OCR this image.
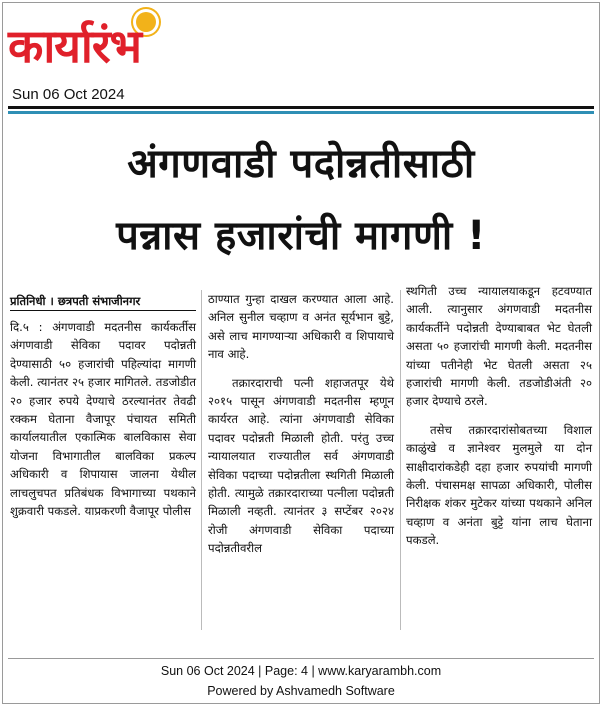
कार्यारंभ
Sun 06 Oct 2024
अंगणवाडी पदोन्नतीसाठी
पन्नास हजारांची मागणी !
प्रतिनिधी । छत्रपती संभाजीनगर

दि.५ : अंगणवाडी मदतनीस कार्यकर्तीस अंगणवाडी सेविका पदावर पदोन्नती देण्यासाठी ५० हजारांची पहिल्यांदा मागणी केली. त्यानंतर २५ हजार मागितले. तडजोडीत २० हजार रुपये देण्याचे ठरल्यानंतर तेवढी रक्कम घेताना वैजापूर पंचायत समिती कार्यालयातील एकात्मिक बालविकास सेवा योजना विभागातील बालविका प्रकल्प अधिकारी व शिपायास जालना येथील लाचलुचपत प्रतिबंधक विभागाच्या पथकाने शुक्रवारी पकडले. याप्रकरणी वैजापूर पोलीस

ठाण्यात गुन्हा दाखल करण्यात आला आहे. अनिल सुनील चव्हाण व अनंत सूर्यभान बुट्टे, असे लाच मागण्याऱ्या अधिकारी व शिपायाचे नाव आहे.

तक्रारदाराची पत्नी शहाजतपूर येथे २०१५ पासून अंगणवाडी मदतनीस म्हणून कार्यरत आहे. त्यांना अंगणवाडी सेविका पदावर पदोन्नती मिळाली होती. परंतु उच्च न्यायालयात राज्यातील सर्व अंगणवाडी सेविका पदाच्या पदोन्नतीला स्थगिती मिळाली होती. त्यामुळे तक्रारदाराच्या पत्नीला पदोन्नती मिळाली नव्हती. त्यानंतर ३ सप्टेंबर २०२४ रोजी अंगणवाडी सेविका पदाच्या पदोन्नतीवरील

स्थगिती उच्च न्यायालयाकडून हटवण्यात आली. त्यानुसार अंगणवाडी मदतनीस कार्यकर्तीने पदोन्नती देण्याबाबत भेट घेतली असता ५० हजारांची मागणी केली. मदतनीस यांच्या पतीनेही भेट घेतली असता २५ हजारांची मागणी केली. तडजोडीअंती २० हजार देण्याचे ठरले.

तसेच तक्रारदारांसोबतच्या विशाल काळुंखे व ज्ञानेश्वर मुलमुले या दोन साक्षीदारांकडेही दहा हजार रुपयांची मागणी केली. पंचासमक्ष सापळा अधिकारी, पोलीस निरीक्षक शंकर मुटेकर यांच्या पथकाने अनिल चव्हाण व अनंता बुट्टे यांना लाच घेताना पकडले.

Sun 06 Oct 2024 | Page: 4 | www.karyarambh.com
Powered by Ashvamedh Software
